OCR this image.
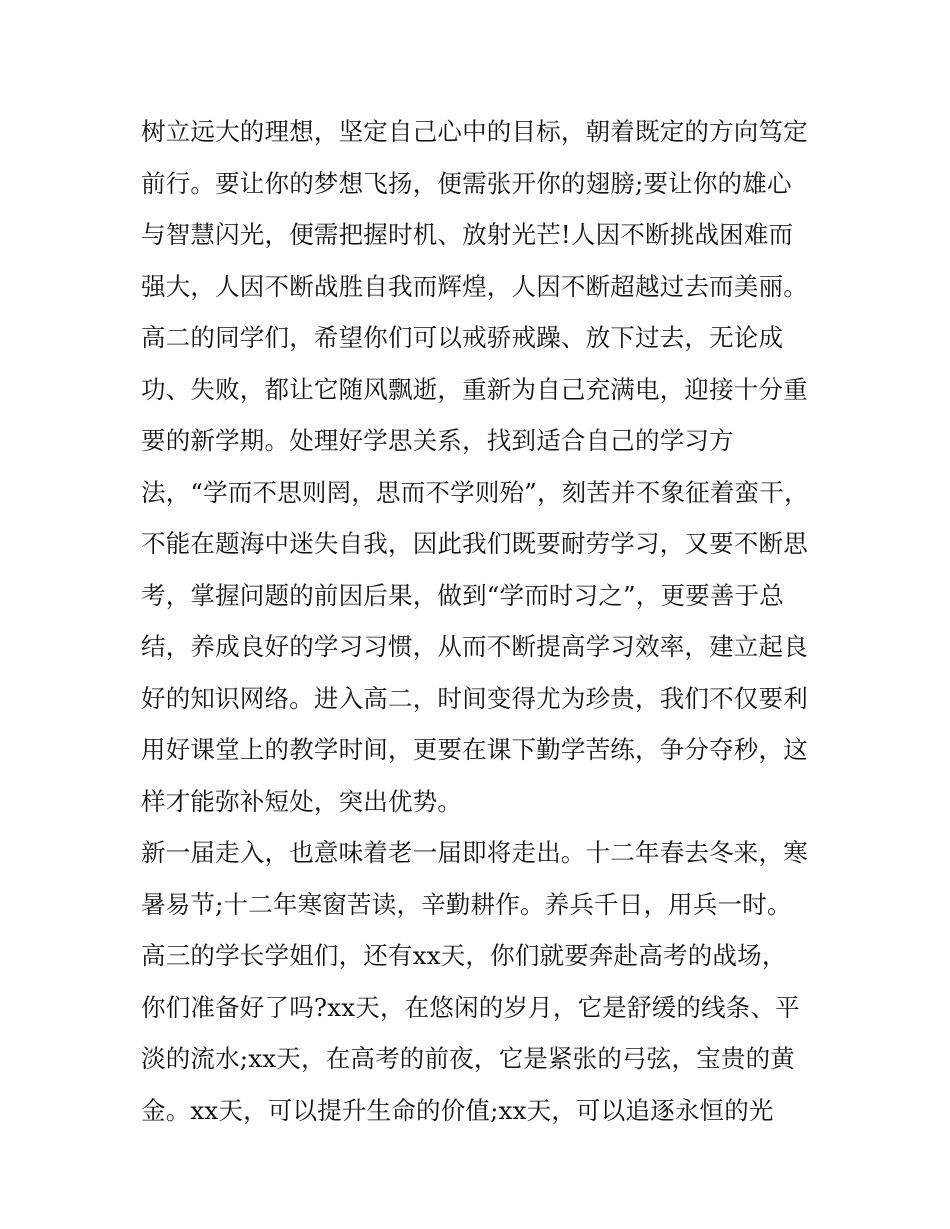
树立远大的理想，坚定自己心中的目标，朝着既定的方向笃定
前行。要让你的梦想飞扬，便需张开你的翅膀;要让你的雄心
与智慧闪光，便需把握时机、放射光芒!人因不断挑战困难而
强大，人因不断战胜自我而辉煌，人因不断超越过去而美丽。
高二的同学们，希望你们可以戒骄戒躁、放下过去，无论成
功、失败，都让它随风飘逝，重新为自己充满电，迎接十分重
要的新学期。处理好学思关系，找到适合自己的学习方
法，“学而不思则罔，思而不学则殆”，刻苦并不象征着蛮干，
不能在题海中迷失自我，因此我们既要耐劳学习，又要不断思
考，掌握问题的前因后果，做到“学而时习之”，更要善于总
结，养成良好的学习习惯，从而不断提高学习效率，建立起良
好的知识网络。进入高二，时间变得尤为珍贵，我们不仅要利
用好课堂上的教学时间，更要在课下勤学苦练，争分夺秒，这
样才能弥补短处，突出优势。
新一届走入，也意味着老一届即将走出。十二年春去冬来，寒
暑易节;十二年寒窗苦读，辛勤耕作。养兵千日，用兵一时。
高三的学长学姐们，还有xx天，你们就要奔赴高考的战场，
你们准备好了吗?xx天，在悠闲的岁月，它是舒缓的线条、平
淡的流水;xx天，在高考的前夜，它是紧张的弓弦，宝贵的黄
金。xx天，可以提升生命的价值;xx天，可以追逐永恒的光
